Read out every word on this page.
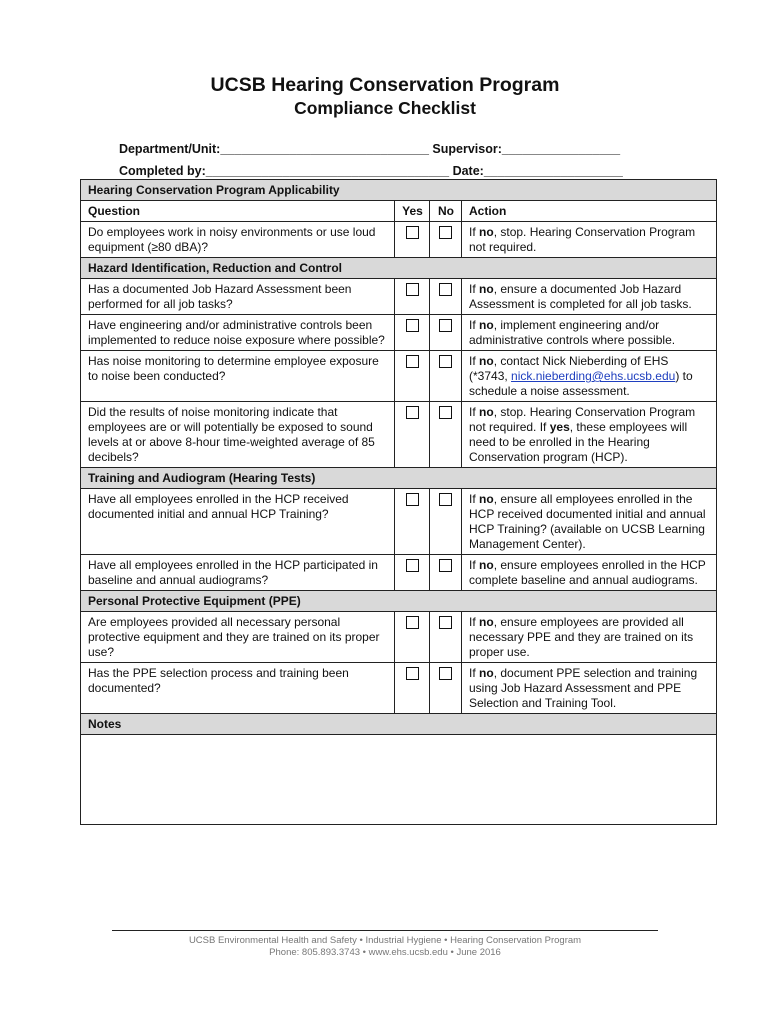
UCSB Hearing Conservation Program
Compliance Checklist

Department/Unit:______________________________ Supervisor:_________________

Completed by:___________________________________ Date:____________________

Hearing Conservation Program Applicability			
Question	Yes	No	Action
Do employees work in noisy environments or use loud equipment (≥80 dBA)?			If no, stop. Hearing Conservation Program not required.
Hazard Identification, Reduction and Control			
Has a documented Job Hazard Assessment been performed for all job tasks?			If no, ensure a documented Job Hazard Assessment is completed for all job tasks.
Have engineering and/or administrative controls been implemented to reduce noise exposure where possible?			If no, implement engineering and/or administrative controls where possible.
Has noise monitoring to determine employee exposure to noise been conducted?			If no, contact Nick Nieberding of EHS (*3743, nick.nieberding@ehs.ucsb.edu) to schedule a noise assessment.
Did the results of noise monitoring indicate that employees are or will potentially be exposed to sound levels at or above 8-hour time-weighted average of 85 decibels?			If no, stop. Hearing Conservation Program not required. If yes, these employees will need to be enrolled in the Hearing Conservation program (HCP).
Training and Audiogram (Hearing Tests)			
Have all employees enrolled in the HCP received documented initial and annual HCP Training?			If no, ensure all employees enrolled in the HCP received documented initial and annual HCP Training? (available on UCSB Learning Management Center).
Have all employees enrolled in the HCP participated in baseline and annual audiograms?			If no, ensure employees enrolled in the HCP complete baseline and annual audiograms.
Personal Protective Equipment (PPE)			
Are employees provided all necessary personal protective equipment and they are trained on its proper use?			If no, ensure employees are provided all necessary PPE and they are trained on its proper use.
Has the PPE selection process and training been documented?			If no, document PPE selection and training using Job Hazard Assessment and PPE Selection and Training Tool.
Notes			

UCSB Environmental Health and Safety • Industrial Hygiene • Hearing Conservation Program
Phone: 805.893.3743 • www.ehs.ucsb.edu • June 2016
